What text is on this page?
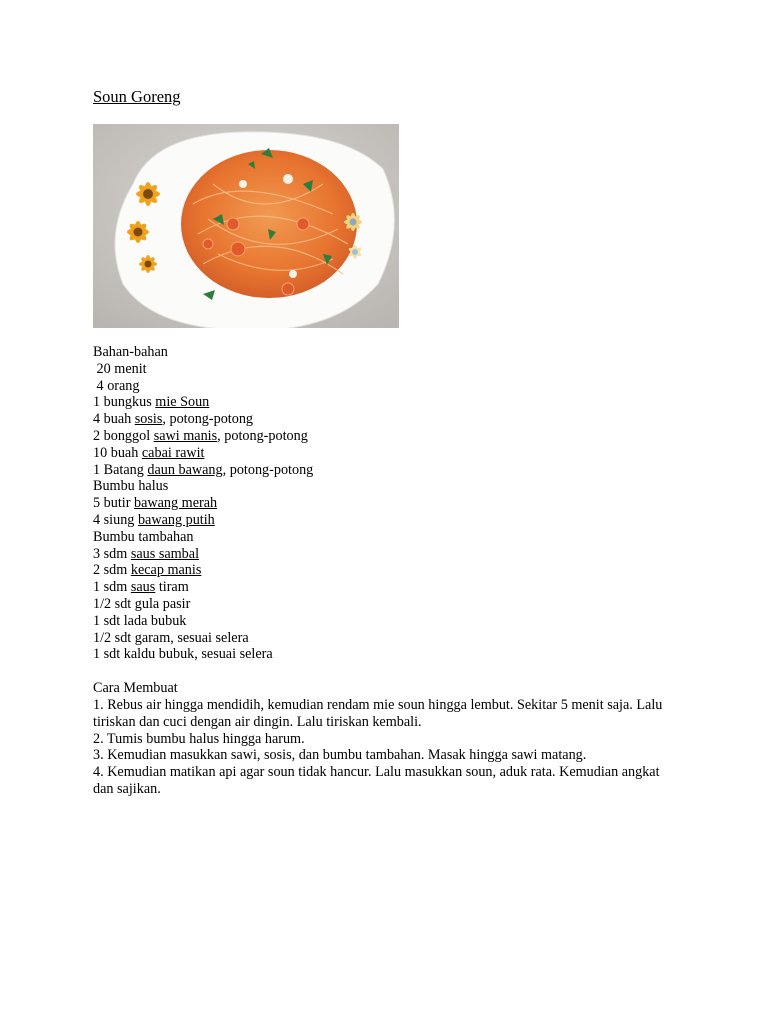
Soun Goreng
Bahan-bahan
20 menit
4 orang
1 bungkus mie Soun
4 buah sosis, potong-potong
2 bonggol sawi manis, potong-potong
10 buah cabai rawit
1 Batang daun bawang, potong-potong
Bumbu halus
5 butir bawang merah
4 siung bawang putih
Bumbu tambahan
3 sdm saus sambal
2 sdm kecap manis
1 sdm saus tiram
1/2 sdt gula pasir
1 sdt lada bubuk
1/2 sdt garam, sesuai selera
1 sdt kaldu bubuk, sesuai selera
Cara Membuat
1. Rebus air hingga mendidih, kemudian rendam mie soun hingga lembut. Sekitar 5 menit saja. Lalu tiriskan dan cuci dengan air dingin. Lalu tiriskan kembali.
2. Tumis bumbu halus hingga harum.
3. Kemudian masukkan sawi, sosis, dan bumbu tambahan. Masak hingga sawi matang.
4. Kemudian matikan api agar soun tidak hancur. Lalu masukkan soun, aduk rata. Kemudian angkat dan sajikan.
